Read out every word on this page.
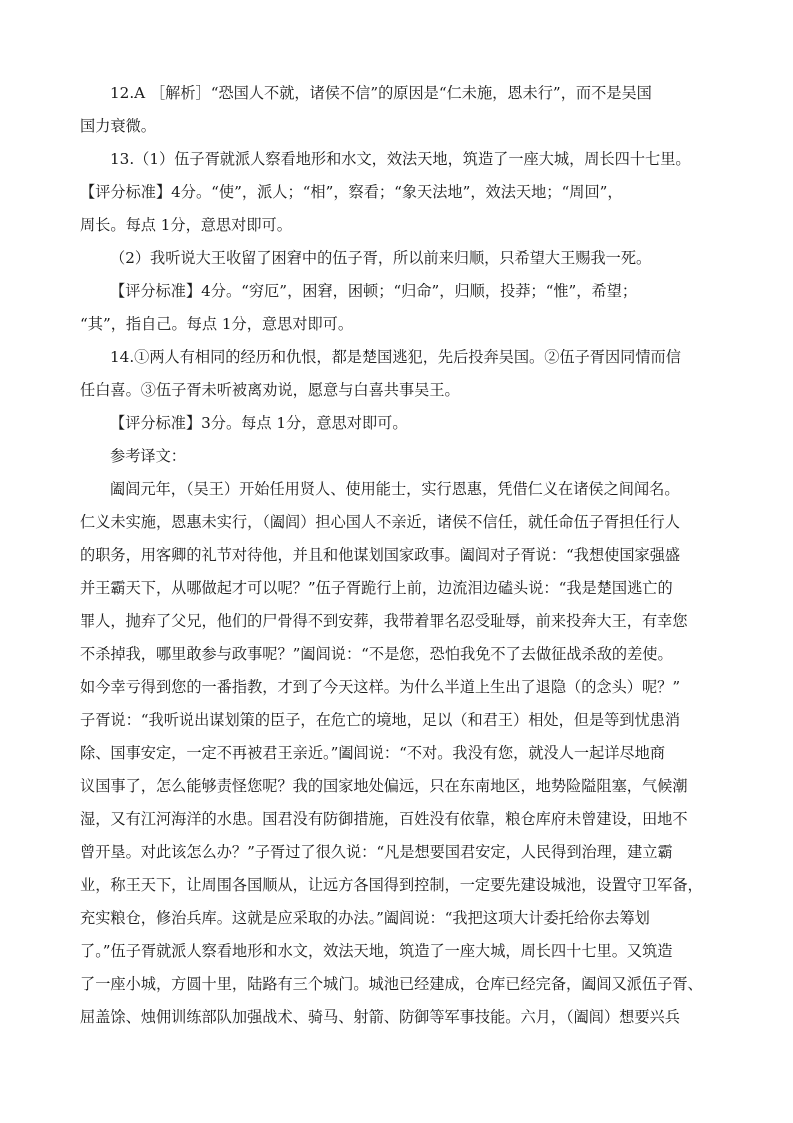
12.A ［解析］“恐国人不就，诸侯不信”的原因是“仁未施，恩未行”，而不是吴国
国力衰微。
13.（1）伍子胥就派人察看地形和水文，效法天地，筑造了一座大城，周长四十七里。
【评分标准】4分。“使”，派人；“相”，察看；“象天法地”，效法天地；“周回”，
周长。每点 1分，意思对即可。
（2）我听说大王收留了困窘中的伍子胥，所以前来归顺，只希望大王赐我一死。
【评分标准】4分。“穷厄”，困窘，困顿；“归命”，归顺，投莽；“惟”，希望；
“其”，指自己。每点 1分，意思对即可。
14.①两人有相同的经历和仇恨，都是楚国逃犯，先后投奔吴国。②伍子胥因同情而信
任白喜。③伍子胥未听被离劝说，愿意与白喜共事吴王。
【评分标准】3分。每点 1分，意思对即可。
参考译文：
阖闾元年，（吴王）开始任用贤人、使用能士，实行恩惠，凭借仁义在诸侯之间闻名。
仁义未实施，恩惠未实行，（阖闾）担心国人不亲近，诸侯不信任，就任命伍子胥担任行人
的职务，用客卿的礼节对待他，并且和他谋划国家政事。阖闾对子胥说：“我想使国家强盛
并王霸天下，从哪做起才可以呢？”伍子胥跪行上前，边流泪边磕头说：“我是楚国逃亡的
罪人，抛弃了父兄，他们的尸骨得不到安葬，我带着罪名忍受耻辱，前来投奔大王，有幸您
不杀掉我，哪里敢参与政事呢？”阖闾说：“不是您，恐怕我免不了去做征战杀敌的差使。
如今幸亏得到您的一番指教，才到了今天这样。为什么半道上生出了退隐（的念头）呢？”
子胥说：“我听说出谋划策的臣子，在危亡的境地，足以（和君王）相处，但是等到忧患消
除、国事安定，一定不再被君王亲近。”阖闾说：“不对。我没有您，就没人一起详尽地商
议国事了，怎么能够责怪您呢？我的国家地处偏远，只在东南地区，地势险隘阻塞，气候潮
湿，又有江河海洋的水患。国君没有防御措施，百姓没有依靠，粮仓库府未曾建设，田地不
曾开垦。对此该怎么办？”子胥过了很久说：“凡是想要国君安定，人民得到治理，建立霸
业，称王天下，让周围各国顺从，让远方各国得到控制，一定要先建设城池，设置守卫军备，
充实粮仓，修治兵库。这就是应采取的办法。”阖闾说：“我把这项大计委托给你去筹划
了。”伍子胥就派人察看地形和水文，效法天地，筑造了一座大城，周长四十七里。又筑造
了一座小城，方圆十里，陆路有三个城门。城池已经建成，仓库已经完备，阖闾又派伍子胥、
屈盖馀、烛佣训练部队加强战术、骑马、射箭、防御等军事技能。六月，（阖闾）想要兴兵
